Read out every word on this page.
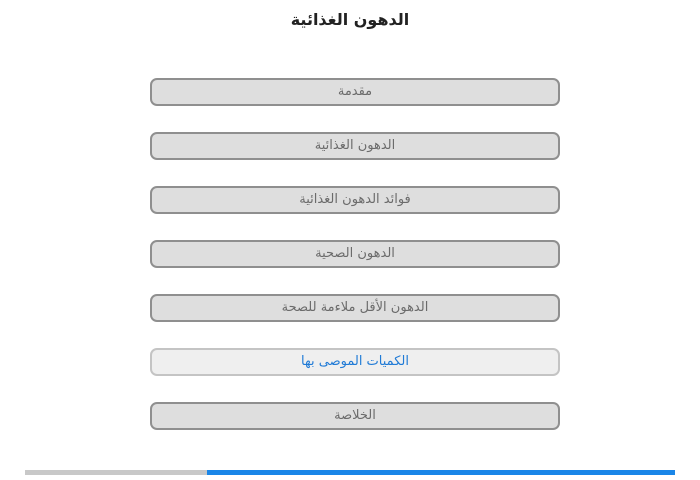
الدهون الغذائية
مقدمة
الدهون الغذائية
فوائد الدهون الغذائية
الدهون الصحية
الدهون الأقل ملاءمة للصحة
الكميات الموصى بها
الخلاصة
